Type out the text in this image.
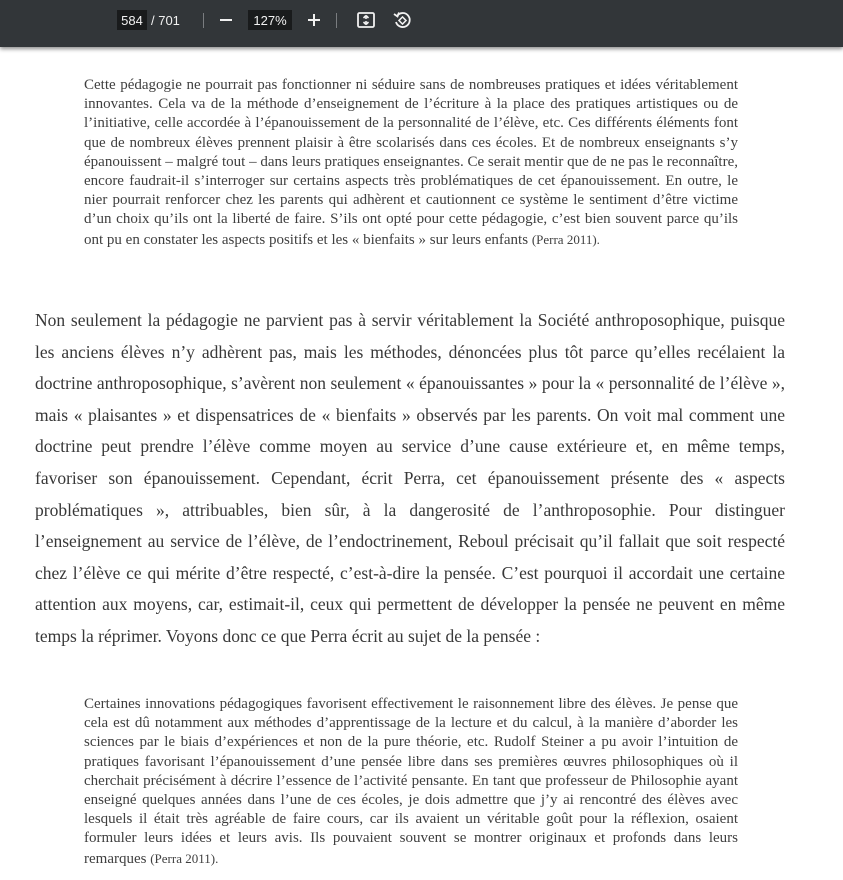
584
/ 701
127%

Cette pédagogie ne pourrait pas fonctionner ni séduire sans de nombreuses pratiques et idées véritablement innovantes. Cela va de la méthode d’enseignement de l’écriture à la place des pratiques artistiques ou de l’initiative, celle accordée à l’épanouissement de la personnalité de l’élève, etc. Ces différents éléments font que de nombreux élèves prennent plaisir à être scolarisés dans ces écoles. Et de nombreux enseignants s’y épanouissent – malgré tout – dans leurs pratiques enseignantes. Ce serait mentir que de ne pas le reconnaître, encore faudrait-il s’interroger sur certains aspects très problématiques de cet épanouissement. En outre, le nier pourrait renforcer chez les parents qui adhèrent et cautionnent ce système le sentiment d’être victime d’un choix qu’ils ont la liberté de faire. S’ils ont opté pour cette pédagogie, c’est bien souvent parce qu’ils ont pu en constater les aspects positifs et les « bienfaits » sur leurs enfants (Perra 2011).

Non seulement la pédagogie ne parvient pas à servir véritablement la Société anthroposophique, puisque les anciens élèves n’y adhèrent pas, mais les méthodes, dénoncées plus tôt parce qu’elles recélaient la doctrine anthroposophique, s’avèrent non seulement « épanouissantes » pour la « personnalité de l’élève », mais « plaisantes » et dispensatrices de « bienfaits » observés par les parents. On voit mal comment une doctrine peut prendre l’élève comme moyen au service d’une cause extérieure et, en même temps, favoriser son épanouissement. Cependant, écrit Perra, cet épanouissement présente des « aspects problématiques », attribuables, bien sûr, à la dangerosité de l’anthroposophie. Pour distinguer l’enseignement au service de l’élève, de l’endoctrinement, Reboul précisait qu’il fallait que soit respecté chez l’élève ce qui mérite d’être respecté, c’est-à-dire la pensée. C’est pourquoi il accordait une certaine attention aux moyens, car, estimait-il, ceux qui permettent de développer la pensée ne peuvent en même temps la réprimer. Voyons donc ce que Perra écrit au sujet de la pensée :

Certaines innovations pédagogiques favorisent effectivement le raisonnement libre des élèves. Je pense que cela est dû notamment aux méthodes d’apprentissage de la lecture et du calcul, à la manière d’aborder les sciences par le biais d’expériences et non de la pure théorie, etc. Rudolf Steiner a pu avoir l’intuition de pratiques favorisant l’épanouissement d’une pensée libre dans ses premières œuvres philosophiques où il cherchait précisément à décrire l’essence de l’activité pensante. En tant que professeur de Philosophie ayant enseigné quelques années dans l’une de ces écoles, je dois admettre que j’y ai rencontré des élèves avec lesquels il était très agréable de faire cours, car ils avaient un véritable goût pour la réflexion, osaient formuler leurs idées et leurs avis. Ils pouvaient souvent se montrer originaux et profonds dans leurs remarques (Perra 2011).
